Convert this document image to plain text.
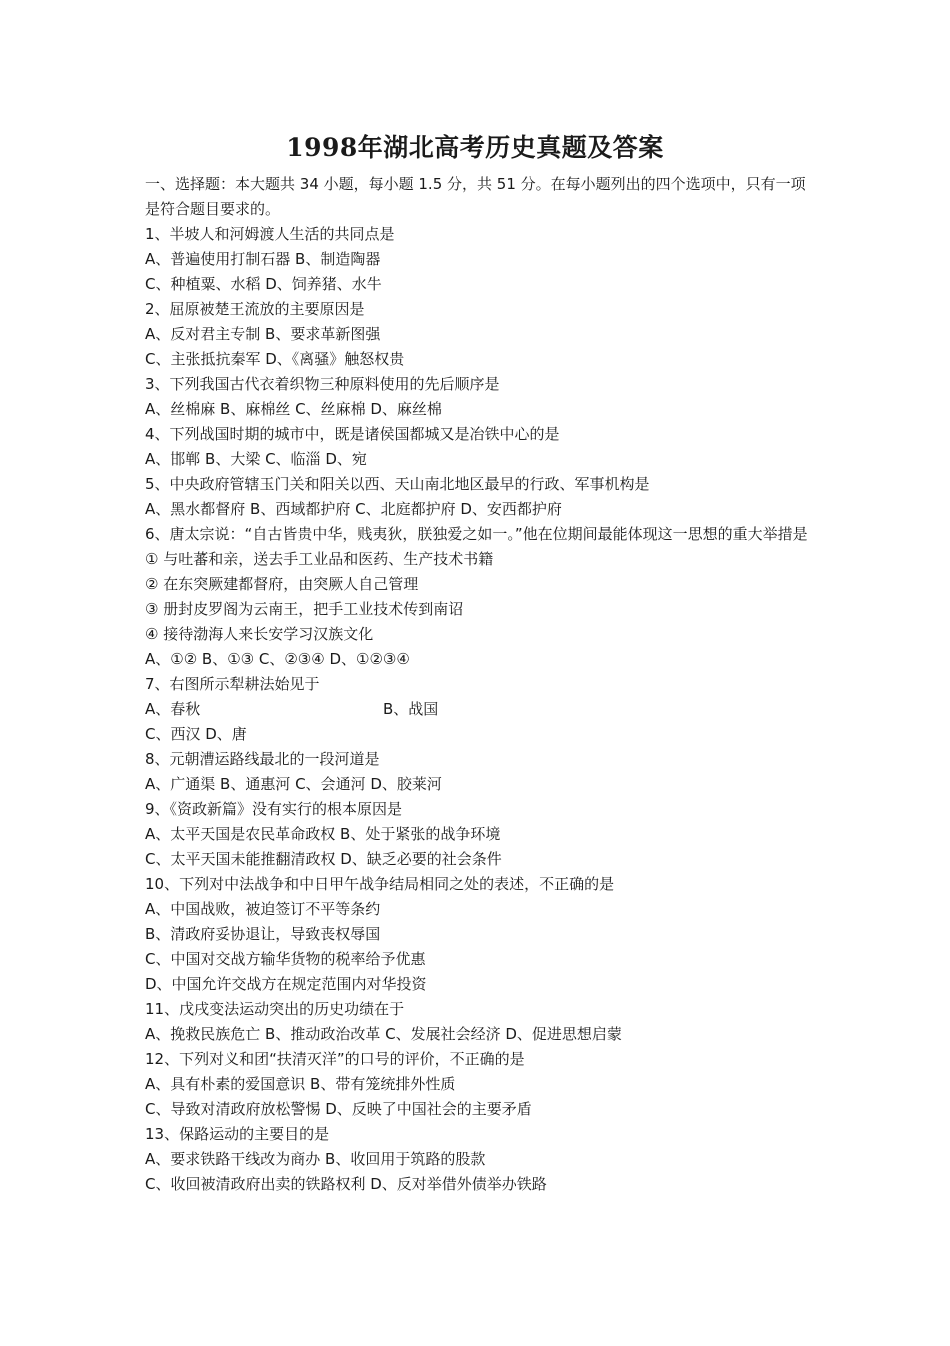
1998年湖北高考历史真题及答案
一、选择题：本大题共 34 小题，每小题 1.5 分，共 51 分。在每小题列出的四个选项中，只有一项是符合题目要求的。
1、半坡人和河姆渡人生活的共同点是
A、普遍使用打制石器 B、制造陶器
C、种植粟、水稻 D、饲养猪、水牛
2、屈原被楚王流放的主要原因是
A、反对君主专制 B、要求革新图强
C、主张抵抗秦军 D、《离骚》触怒权贵
3、下列我国古代衣着织物三种原料使用的先后顺序是
A、丝棉麻 B、麻棉丝 C、丝麻棉 D、麻丝棉
4、下列战国时期的城市中，既是诸侯国都城又是冶铁中心的是
A、邯郸 B、大梁 C、临淄 D、宛
5、中央政府管辖玉门关和阳关以西、天山南北地区最早的行政、军事机构是
A、黑水都督府 B、西域都护府 C、北庭都护府 D、安西都护府
6、唐太宗说：“自古皆贵中华，贱夷狄，朕独爱之如一。”他在位期间最能体现这一思想的重大举措是
① 与吐蕃和亲，送去手工业品和医药、生产技术书籍
② 在东突厥建都督府，由突厥人自己管理
③ 册封皮罗阁为云南王，把手工业技术传到南诏
④ 接待渤海人来长安学习汉族文化
A、①② B、①③ C、②③④ D、①②③④
7、右图所示犁耕法始见于
A、春秋	B、战国
C、西汉 D、唐
8、元朝漕运路线最北的一段河道是
A、广通渠 B、通惠河 C、会通河 D、胶莱河
9、《资政新篇》没有实行的根本原因是
A、太平天国是农民革命政权 B、处于紧张的战争环境
C、太平天国未能推翻清政权 D、缺乏必要的社会条件
10、下列对中法战争和中日甲午战争结局相同之处的表述，不正确的是
A、中国战败，被迫签订不平等条约
B、清政府妥协退让，导致丧权辱国
C、中国对交战方输华货物的税率给予优惠
D、中国允许交战方在规定范围内对华投资
11、戊戌变法运动突出的历史功绩在于
A、挽救民族危亡 B、推动政治改革 C、发展社会经济 D、促进思想启蒙
12、下列对义和团“扶清灭洋”的口号的评价，不正确的是
A、具有朴素的爱国意识 B、带有笼统排外性质
C、导致对清政府放松警惕 D、反映了中国社会的主要矛盾
13、保路运动的主要目的是
A、要求铁路干线改为商办 B、收回用于筑路的股款
C、收回被清政府出卖的铁路权利 D、反对举借外债举办铁路
